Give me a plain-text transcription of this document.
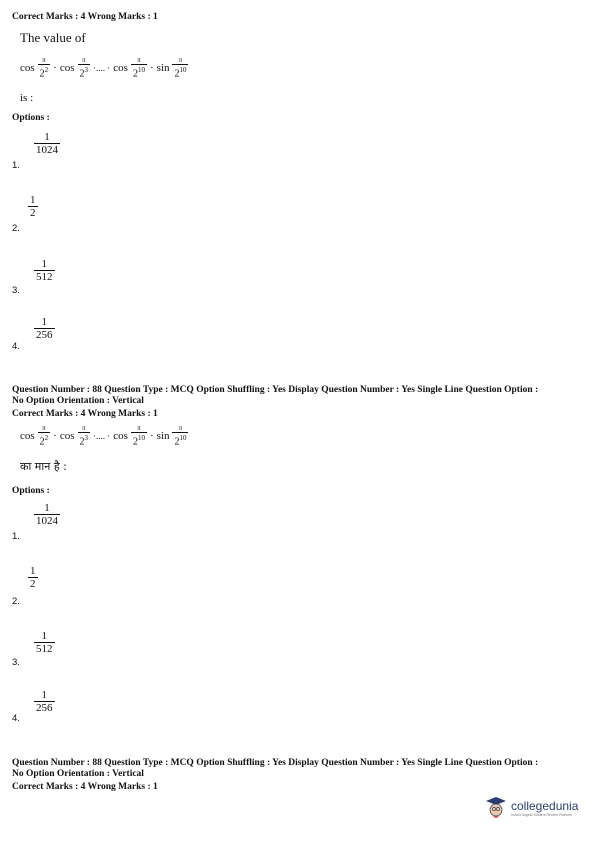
Correct Marks : 4 Wrong Marks : 1
The value of
$\cos \frac{\pi}{2^2} \cdot \cos \frac{\pi}{2^3}$ ·.... · $\cos \frac{\pi}{2^{10}} \cdot \sin \frac{\pi}{2^{10}}$
is :
Options :
$\frac{1}{1024}$
1.
$\frac{1}{2}$
2.
$\frac{1}{512}$
3.
$\frac{1}{256}$
4.
Question Number : 88 Question Type : MCQ Option Shuffling : Yes Display Question Number : Yes Single Line Question Option :
No Option Orientation : Vertical
Correct Marks : 4 Wrong Marks : 1
$\cos \frac{\pi}{2^2} \cdot \cos \frac{\pi}{2^3}$ ·.... · $\cos \frac{\pi}{2^{10}} \cdot \sin \frac{\pi}{2^{10}}$
का मान है :
Options :
$\frac{1}{1024}$
1.
$\frac{1}{2}$
2.
$\frac{1}{512}$
3.
$\frac{1}{256}$
4.
Question Number : 88 Question Type : MCQ Option Shuffling : Yes Display Question Number : Yes Single Line Question Option :
No Option Orientation : Vertical
Correct Marks : 4 Wrong Marks : 1
collegedunia
India's largest Student Review Platform
